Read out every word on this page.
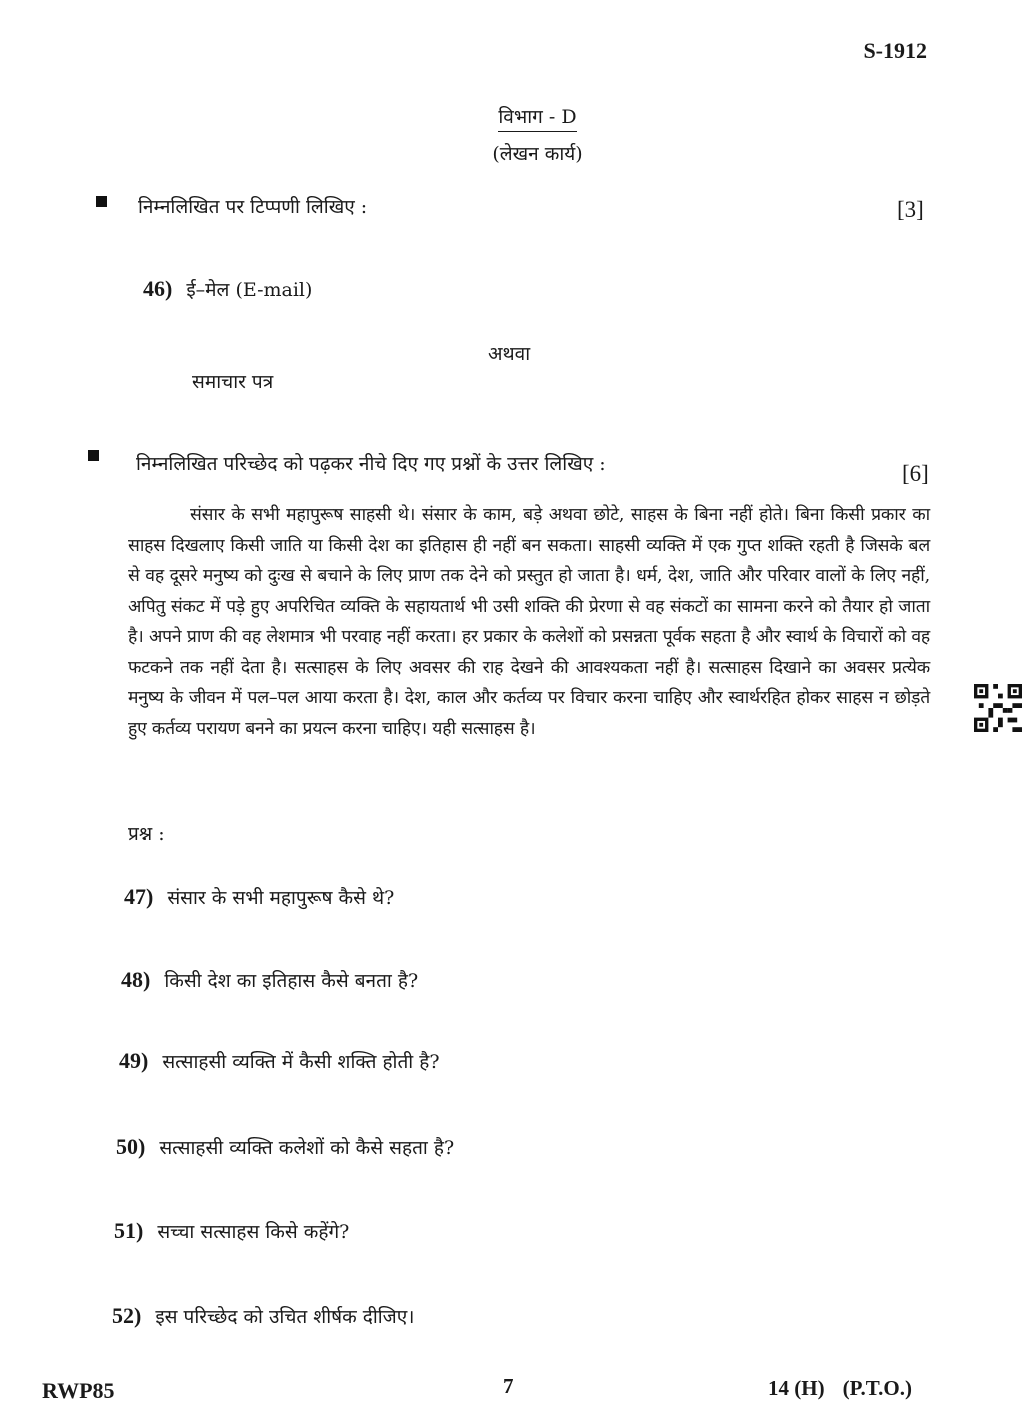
S-1912
विभाग - D
(लेखन कार्य)
निम्नलिखित पर टिप्पणी लिखिए :	[3]
46) ई–मेल (E-mail)
अथवा
समाचार पत्र
निम्नलिखित परिच्छेद को पढ़कर नीचे दिए गए प्रश्नों के उत्तर लिखिए :	[6]
संसार के सभी महापुरूष साहसी थे। संसार के काम, बड़े अथवा छोटे, साहस के बिना नहीं होते। बिना किसी प्रकार का साहस दिखलाए किसी जाति या किसी देश का इतिहास ही नहीं बन सकता। साहसी व्यक्ति में एक गुप्त शक्ति रहती है जिसके बल से वह दूसरे मनुष्य को दुःख से बचाने के लिए प्राण तक देने को प्रस्तुत हो जाता है। धर्म, देश, जाति और परिवार वालों के लिए नहीं, अपितु संकट में पड़े हुए अपरिचित व्यक्ति के सहायतार्थ भी उसी शक्ति की प्रेरणा से वह संकटों का सामना करने को तैयार हो जाता है। अपने प्राण की वह लेशमात्र भी परवाह नहीं करता। हर प्रकार के कलेशों को प्रसन्नता पूर्वक सहता है और स्वार्थ के विचारों को वह फटकने तक नहीं देता है। सत्साहस के लिए अवसर की राह देखने की आवश्यकता नहीं है। सत्साहस दिखाने का अवसर प्रत्येक मनुष्य के जीवन में पल–पल आया करता है। देश, काल और कर्तव्य पर विचार करना चाहिए और स्वार्थरहित होकर साहस न छोड़ते हुए कर्तव्य परायण बनने का प्रयत्न करना चाहिए। यही सत्साहस है।
प्रश्न :
47) संसार के सभी महापुरूष कैसे थे?
48) किसी देश का इतिहास कैसे बनता है?
49) सत्साहसी व्यक्ति में कैसी शक्ति होती है?
50) सत्साहसी व्यक्ति कलेशों को कैसे सहता है?
51) सच्चा सत्साहस किसे कहेंगे?
52) इस परिच्छेद को उचित शीर्षक दीजिए।
RWP85	7	14 (H) (P.T.O.)
